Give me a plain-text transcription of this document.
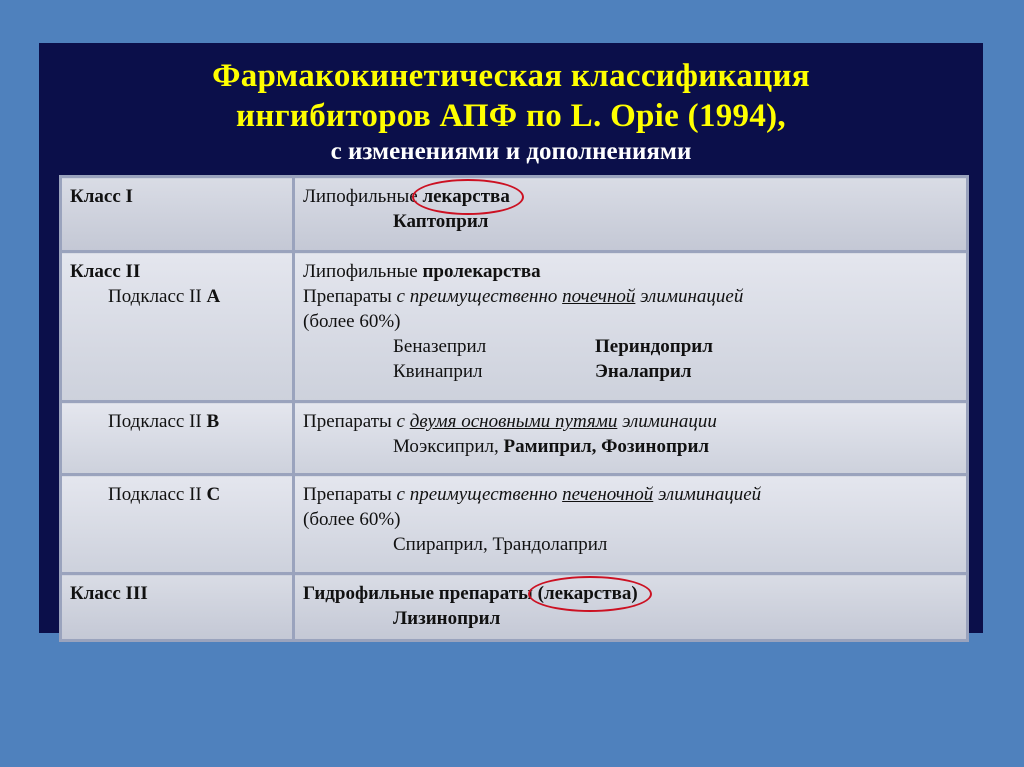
Фармакокинетическая классификация
ингибиторов АПФ по L. Opie (1994),
с изменениями и дополнениями
Класс I	Липофильные лекарства
Каптоприл

Класс II
Подкласс II А	Липофильные пролекарства
Препараты с преимущественно почечной элиминацией
(более 60%)
Беназеприл Периндоприл
Квинаприл Эналаприл

Подкласс II В	Препараты с двумя основными путями элиминации
Моэксиприл, Рамиприл, Фозиноприл

Подкласс II С	Препараты с преимущественно печеночной элиминацией
(более 60%)
Спираприл, Трандолаприл

Класс III	Гидрофильные препараты (лекарства)
Лизиноприл
